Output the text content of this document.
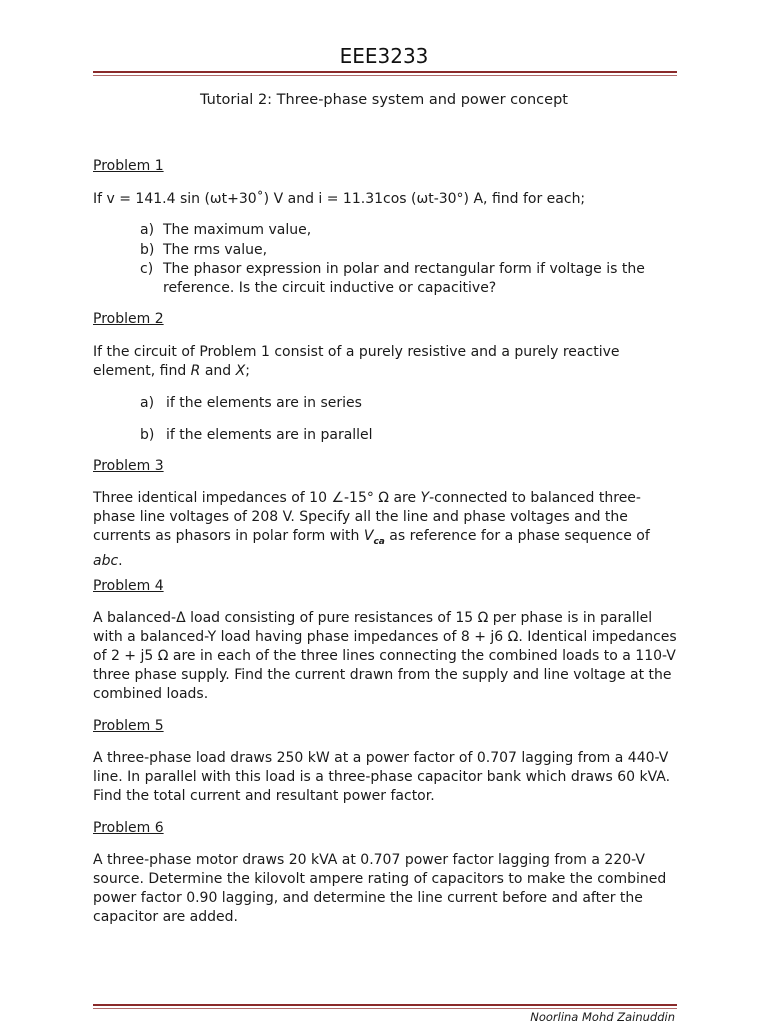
EEE3233
Tutorial 2: Three-phase system and power concept
Problem 1
If v = 141.4 sin (ωt+30˚) V and i = 11.31cos (ωt-30°) A, find for each;
a) The maximum value,
b) The rms value,
c) The phasor expression in polar and rectangular form if voltage is the reference. Is the circuit inductive or capacitive?
Problem 2
If the circuit of Problem 1 consist of a purely resistive and a purely reactive element, find R and X;
a) if the elements are in series
b) if the elements are in parallel
Problem 3
Three identical impedances of 10 ∠-15° Ω are Y-connected to balanced three-phase line voltages of 208 V. Specify all the line and phase voltages and the currents as phasors in polar form with $V_{ca}$ as reference for a phase sequence of abc.
Problem 4
A balanced-Δ load consisting of pure resistances of 15 Ω per phase is in parallel with a balanced-Y load having phase impedances of 8 + j6 Ω. Identical impedances of 2 + j5 Ω are in each of the three lines connecting the combined loads to a 110-V three phase supply. Find the current drawn from the supply and line voltage at the combined loads.
Problem 5
A three-phase load draws 250 kW at a power factor of 0.707 lagging from a 440-V line. In parallel with this load is a three-phase capacitor bank which draws 60 kVA. Find the total current and resultant power factor.
Problem 6
A three-phase motor draws 20 kVA at 0.707 power factor lagging from a 220-V source. Determine the kilovolt ampere rating of capacitors to make the combined power factor 0.90 lagging, and determine the line current before and after the capacitor are added.
Noorlina Mohd Zainuddin
